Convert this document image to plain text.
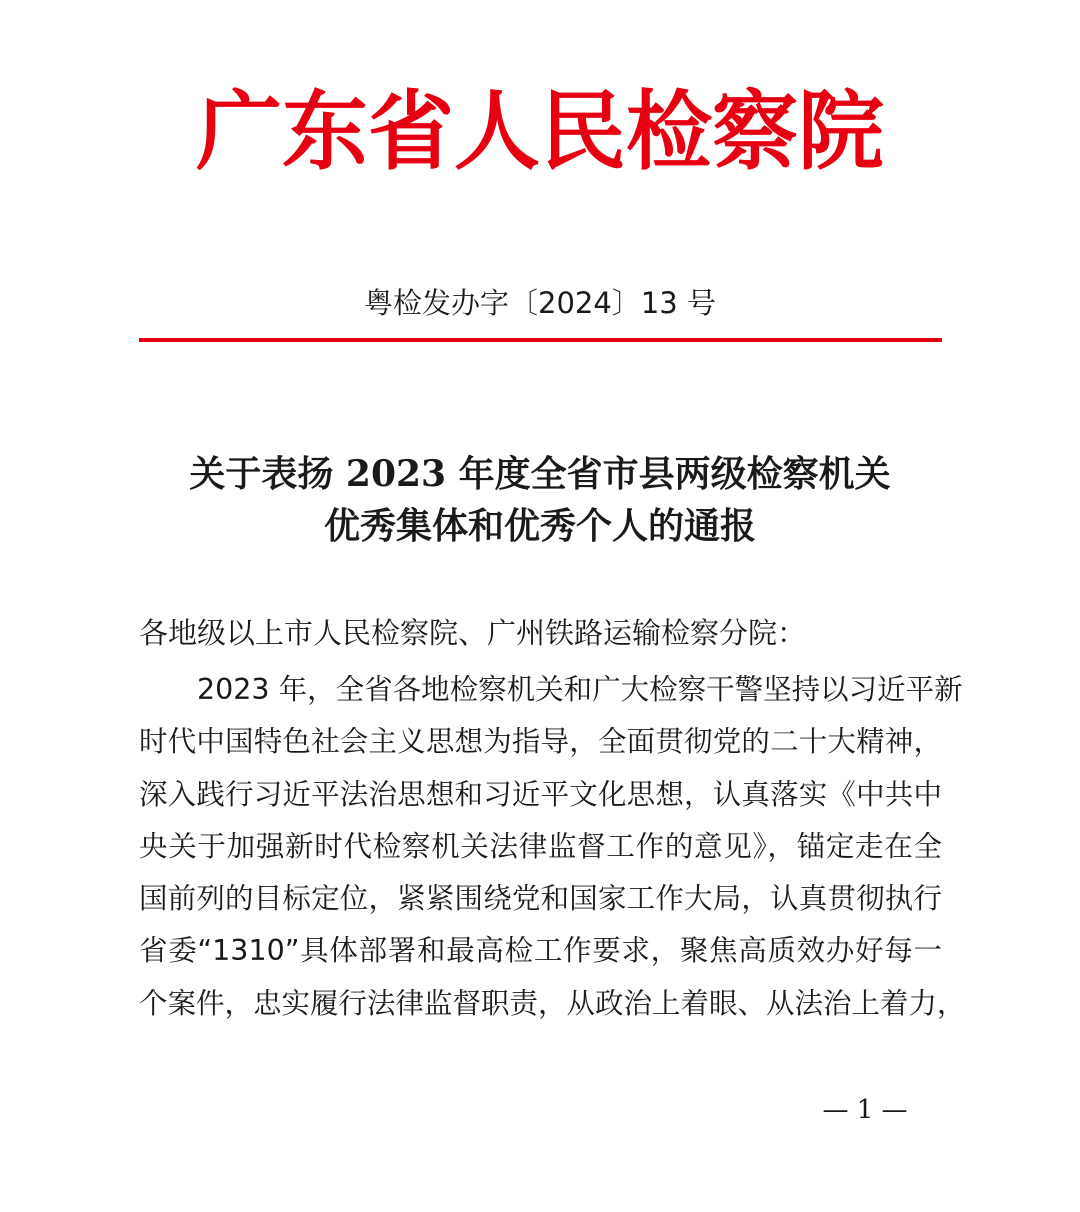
广东省人民检察院
粤检发办字〔2024〕13 号
关于表扬 2023 年度全省市县两级检察机关
优秀集体和优秀个人的通报
各地级以上市人民检察院、广州铁路运输检察分院：
2023 年，全省各地检察机关和广大检察干警坚持以习近平新
时代中国特色社会主义思想为指导，全面贯彻党的二十大精神，
深入践行习近平法治思想和习近平文化思想，认真落实《中共中
央关于加强新时代检察机关法律监督工作的意见》，锚定走在全
国前列的目标定位，紧紧围绕党和国家工作大局，认真贯彻执行
省委“1310”具体部署和最高检工作要求，聚焦高质效办好每一
个案件，忠实履行法律监督职责，从政治上着眼、从法治上着力，
— 1 —
